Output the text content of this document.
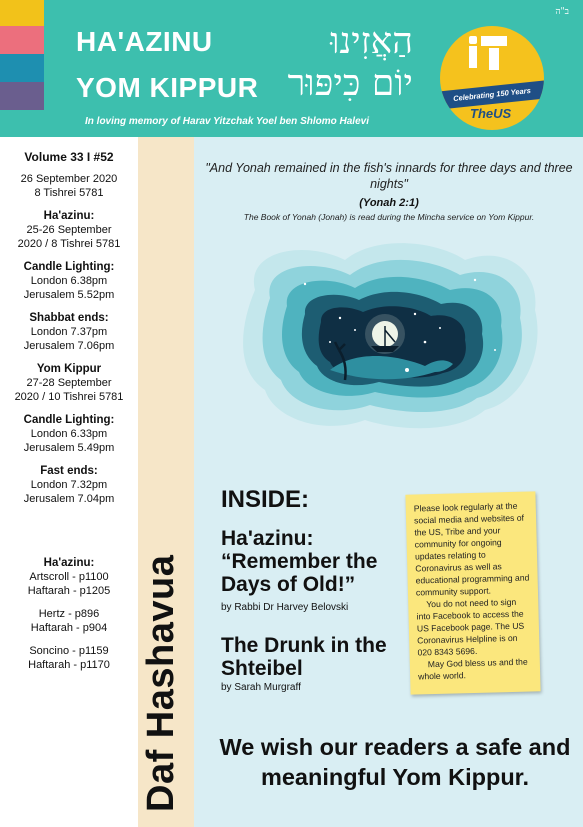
ב"ה
HA'AZINU
YOM KIPPUR
הַאֲזִינוּ
יוֹם כִּיפּוּר
In loving memory of Harav Yitzchak Yoel ben Shlomo Halevi
Celebrating 150 Years
TheUS
Volume 33 I #52
26 September 2020
8 Tishrei 5781
Ha'azinu:
25-26 September
2020 / 8 Tishrei 5781
Candle Lighting:
London 6.38pm
Jerusalem 5.52pm
Shabbat ends:
London 7.37pm
Jerusalem 7.06pm
Yom Kippur
27-28 September
2020 / 10 Tishrei 5781
Candle Lighting:
London 6.33pm
Jerusalem 5.49pm
Fast ends:
London 7.32pm
Jerusalem 7.04pm
Ha'azinu:
Artscroll - p1100
Haftarah - p1205
Hertz - p896
Haftarah - p904
Soncino - p1159
Haftarah - p1170 Daf Hashavua
"And Yonah remained in the fish's innards for three days and three nights"
(Yonah 2:1)
The Book of Yonah (Jonah) is read during the Mincha service on Yom Kippur.
INSIDE:
Ha'azinu: “Remember the Days of Old!”
by Rabbi Dr Harvey Belovski
The Drunk in the Shteibel
by Sarah Murgraff

Please look regularly at the social media and websites of the US, Tribe and your community for ongoing updates relating to Coronavirus as well as educational programming and community support.

You do not need to sign into Facebook to access the US Facebook page. The US Coronavirus Helpline is on 020 8343 5696.

May God bless us and the whole world.

We wish our readers a safe and meaningful Yom Kippur.
